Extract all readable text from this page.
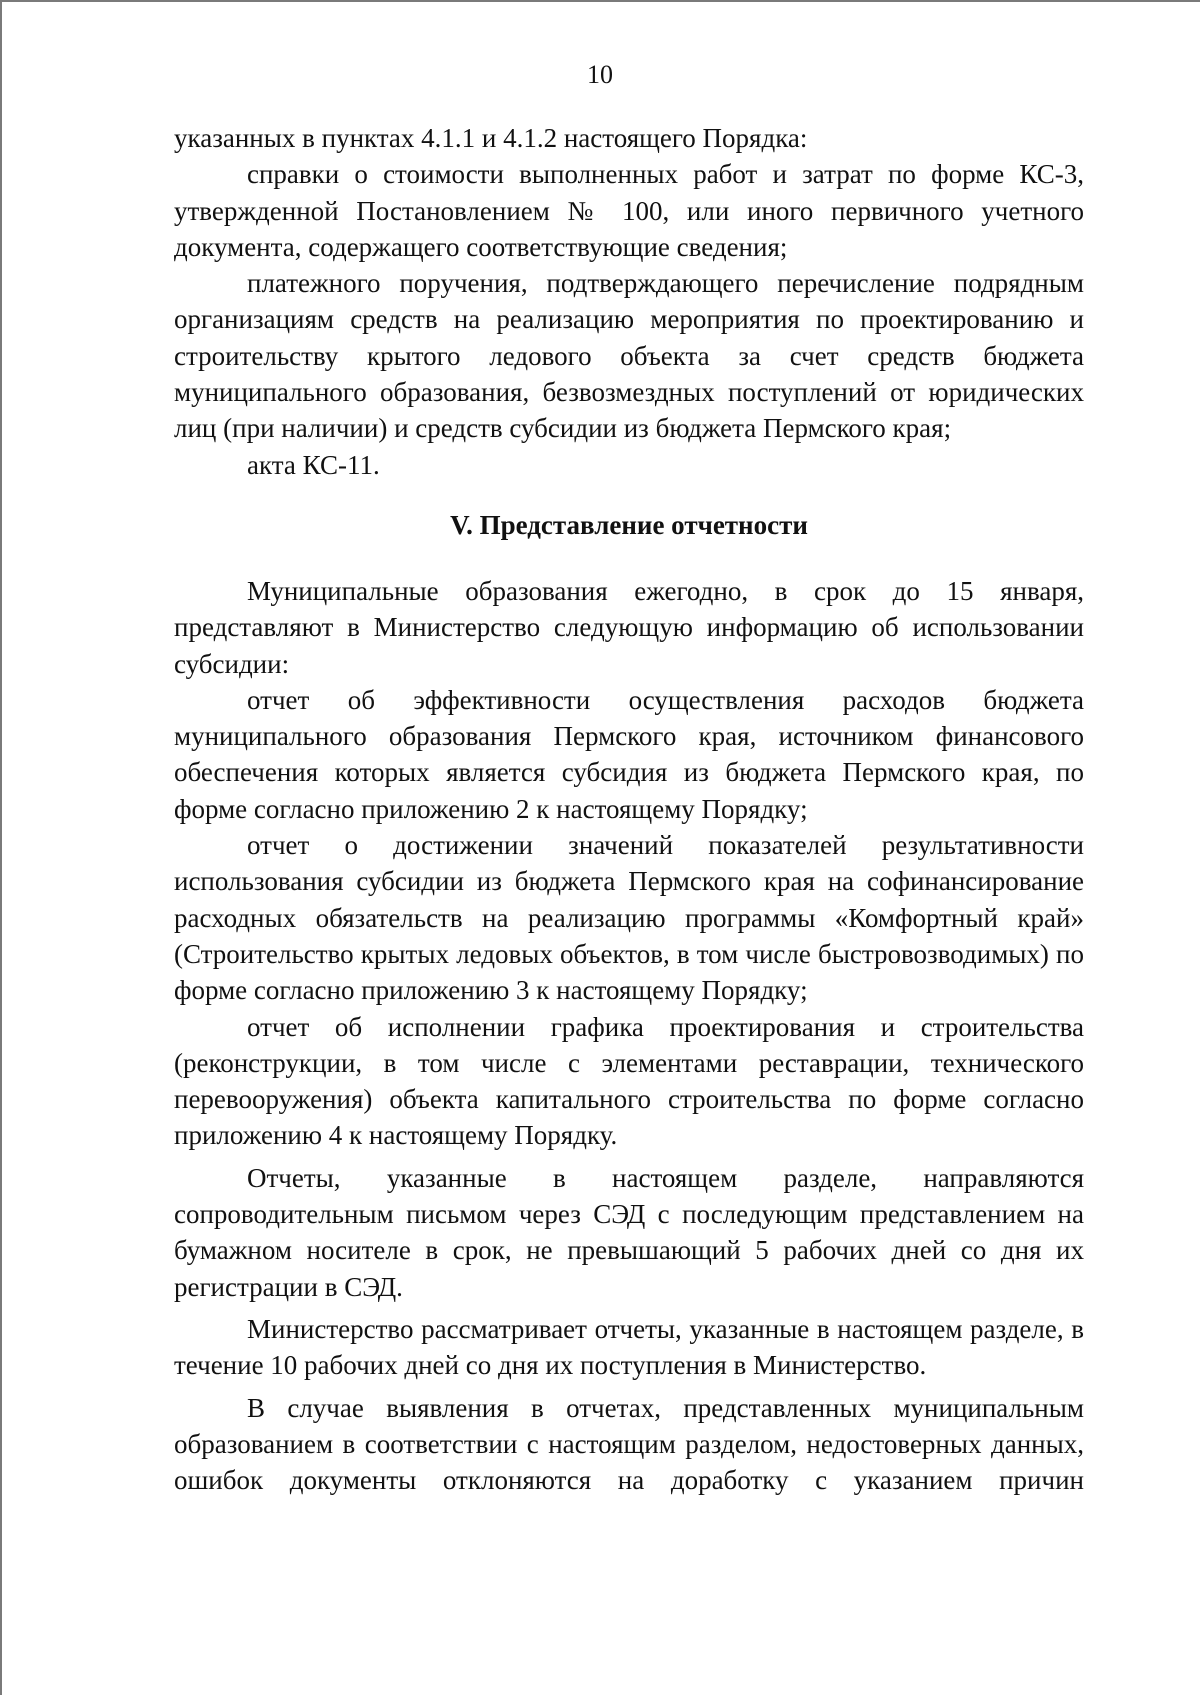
10

указанных в пунктах 4.1.1 и 4.1.2 настоящего Порядка:

справки о стоимости выполненных работ и затрат по форме КС-3, утвержденной Постановлением № 100, или иного первичного учетного документа, содержащего соответствующие сведения;

платежного поручения, подтверждающего перечисление подрядным организациям средств на реализацию мероприятия по проектированию и строительству крытого ледового объекта за счет средств бюджета муниципального образования, безвозмездных поступлений от юридических лиц (при наличии) и средств субсидии из бюджета Пермского края;

акта КС-11.

V. Представление отчетности

Муниципальные образования ежегодно, в срок до 15 января, представляют в Министерство следующую информацию об использовании субсидии:

отчет об эффективности осуществления расходов бюджета муниципального образования Пермского края, источником финансового обеспечения которых является субсидия из бюджета Пермского края, по форме согласно приложению 2 к настоящему Порядку;

отчет о достижении значений показателей результативности использования субсидии из бюджета Пермского края на софинансирование расходных обязательств на реализацию программы «Комфортный край» (Строительство крытых ледовых объектов, в том числе быстровозводимых) по форме согласно приложению 3 к настоящему Порядку;

отчет об исполнении графика проектирования и строительства (реконструкции, в том числе с элементами реставрации, технического перевооружения) объекта капитального строительства по форме согласно приложению 4 к настоящему Порядку.

Отчеты, указанные в настоящем разделе, направляются сопроводительным письмом через СЭД с последующим представлением на бумажном носителе в срок, не превышающий 5 рабочих дней со дня их регистрации в СЭД.

Министерство рассматривает отчеты, указанные в настоящем разделе, в течение 10 рабочих дней со дня их поступления в Министерство.

В случае выявления в отчетах, представленных муниципальным образованием в соответствии с настоящим разделом, недостоверных данных, ошибок документы отклоняются на доработку с указанием причин
